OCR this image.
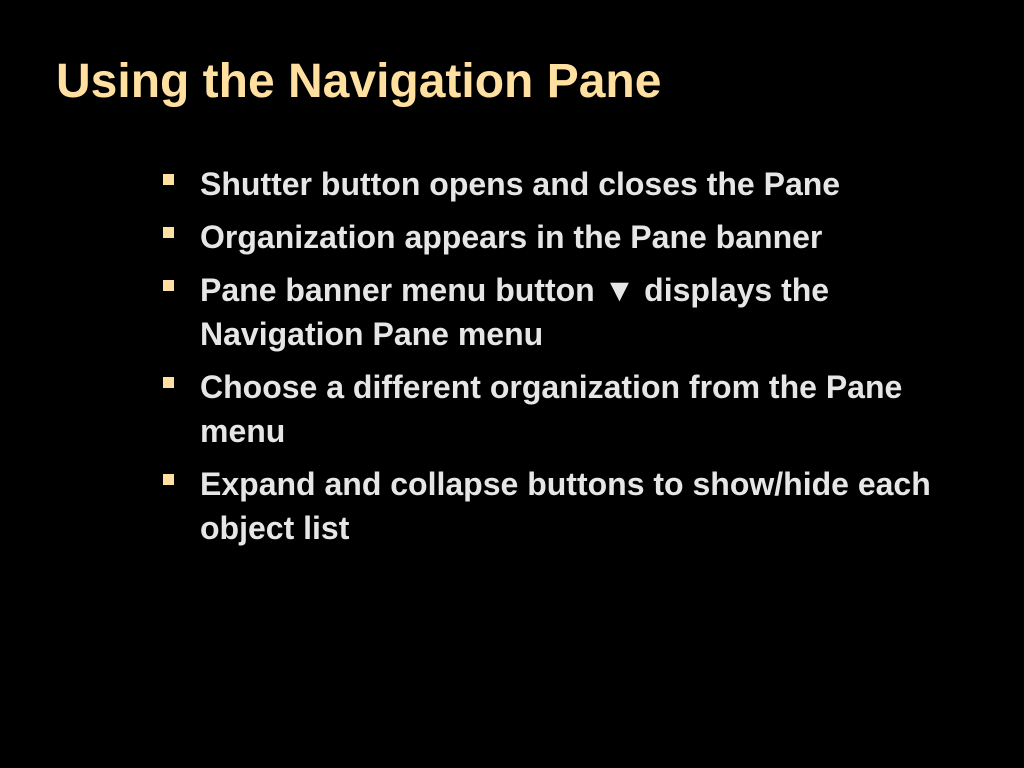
Using the Navigation Pane
Shutter button opens and closes the Pane
Organization appears in the Pane banner
Pane banner menu button ▼ displays the Navigation Pane menu
Choose a different organization from the Pane menu
Expand and collapse buttons to show/hide each object list
